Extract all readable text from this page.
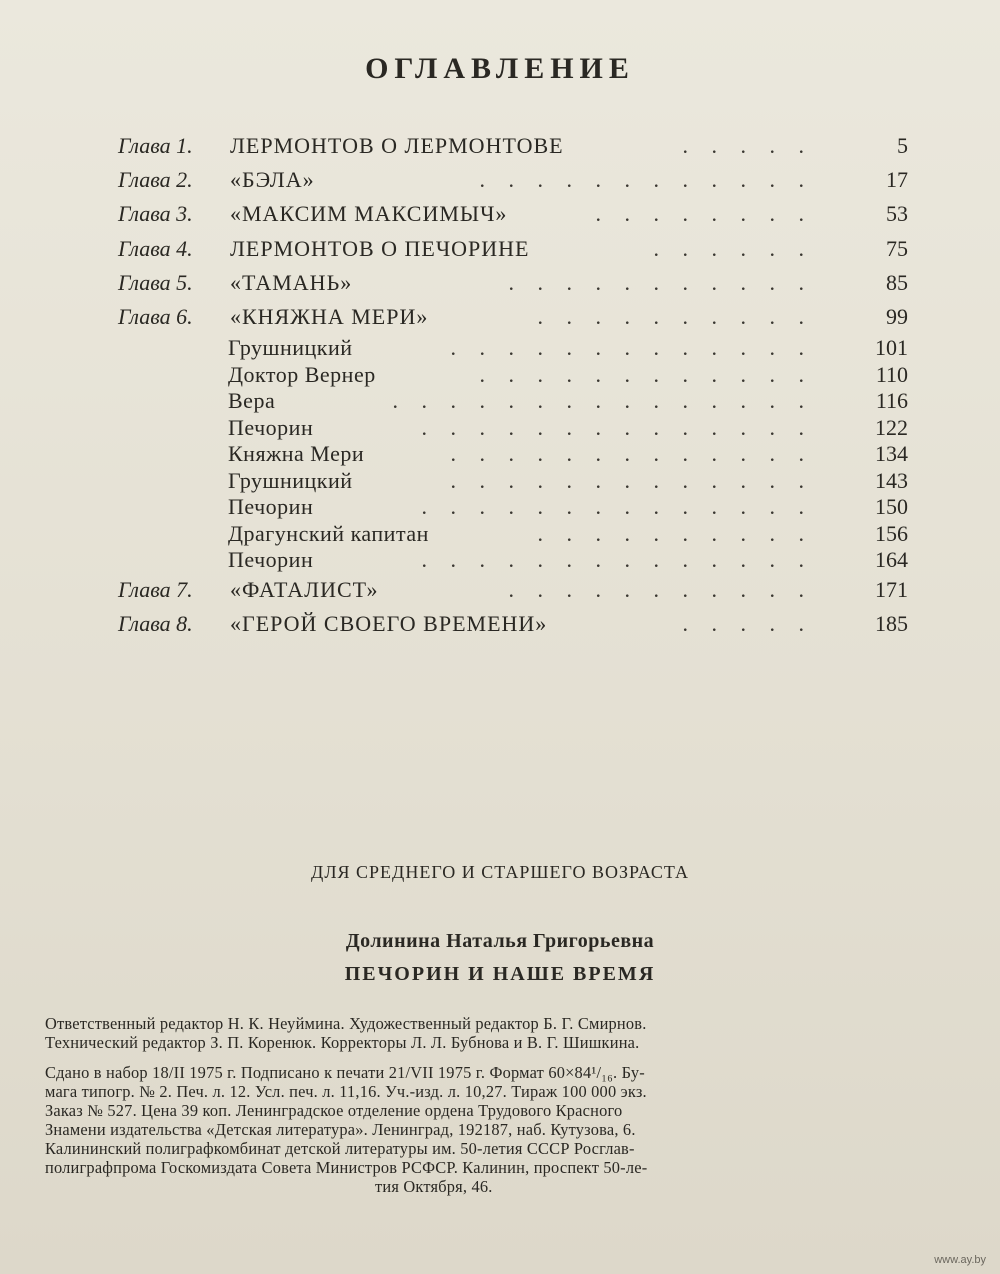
ОГЛАВЛЕНИЕ
Глава 1. ЛЕРМОНТОВ О ЛЕРМОНТОВЕ	. . . . .	5
Глава 2. «БЭЛА»	. . . . . . . . . . . .	17
Глава 3. «МАКСИМ МАКСИМЫЧ»	. . . . . . . .	53
Глава 4. ЛЕРМОНТОВ О ПЕЧОРИНЕ	. . . . . .	75
Глава 5. «ТАМАНЬ»	. . . . . . . . . . .	85
Глава 6. «КНЯЖНА МЕРИ»	. . . . . . . . . .	99
Грушницкий	. . . . . . . . . . . . .	101
Доктор Вернер	. . . . . . . . . . . .	110
Вера	. . . . . . . . . . . . . . .	116
Печорин	. . . . . . . . . . . . . .	122
Княжна Мери	. . . . . . . . . . . . .	134
Грушницкий	. . . . . . . . . . . . .	143
Печорин	. . . . . . . . . . . . . .	150
Драгунский капитан	. . . . . . . . . .	156
Печорин	. . . . . . . . . . . . . .	164
Глава 7. «ФАТАЛИСТ»	. . . . . . . . . . .	171
Глава 8. «ГЕРОЙ СВОЕГО ВРЕМЕНИ»	. . . . .	185
ДЛЯ СРЕДНЕГО И СТАРШЕГО ВОЗРАСТА
Долинина Наталья Григорьевна
ПЕЧОРИН И НАШЕ ВРЕМЯ
Ответственный редактор Н. К. Неуймина. Художественный редактор Б. Г. Смирнов.
Технический редактор З. П. Коренюк. Корректоры Л. Л. Бубнова и В. Г. Шишкина.
Сдано в набор 18/II 1975 г. Подписано к печати 21/VII 1975 г. Формат 60×84¹/₁₆. Бу-
мага типогр. № 2. Печ. л. 12. Усл. печ. л. 11,16. Уч.-изд. л. 10,27. Тираж 100 000 экз.
Заказ № 527. Цена 39 коп. Ленинградское отделение ордена Трудового Красного
Знамени издательства «Детская литература». Ленинград, 192187, наб. Кутузова, 6.
Калининский полиграфкомбинат детской литературы им. 50-летия СССР Росглав-
полиграфпрома Госкомиздата Совета Министров РСФСР. Калинин, проспект 50-ле-
тия Октября, 46.
www.ay.by
